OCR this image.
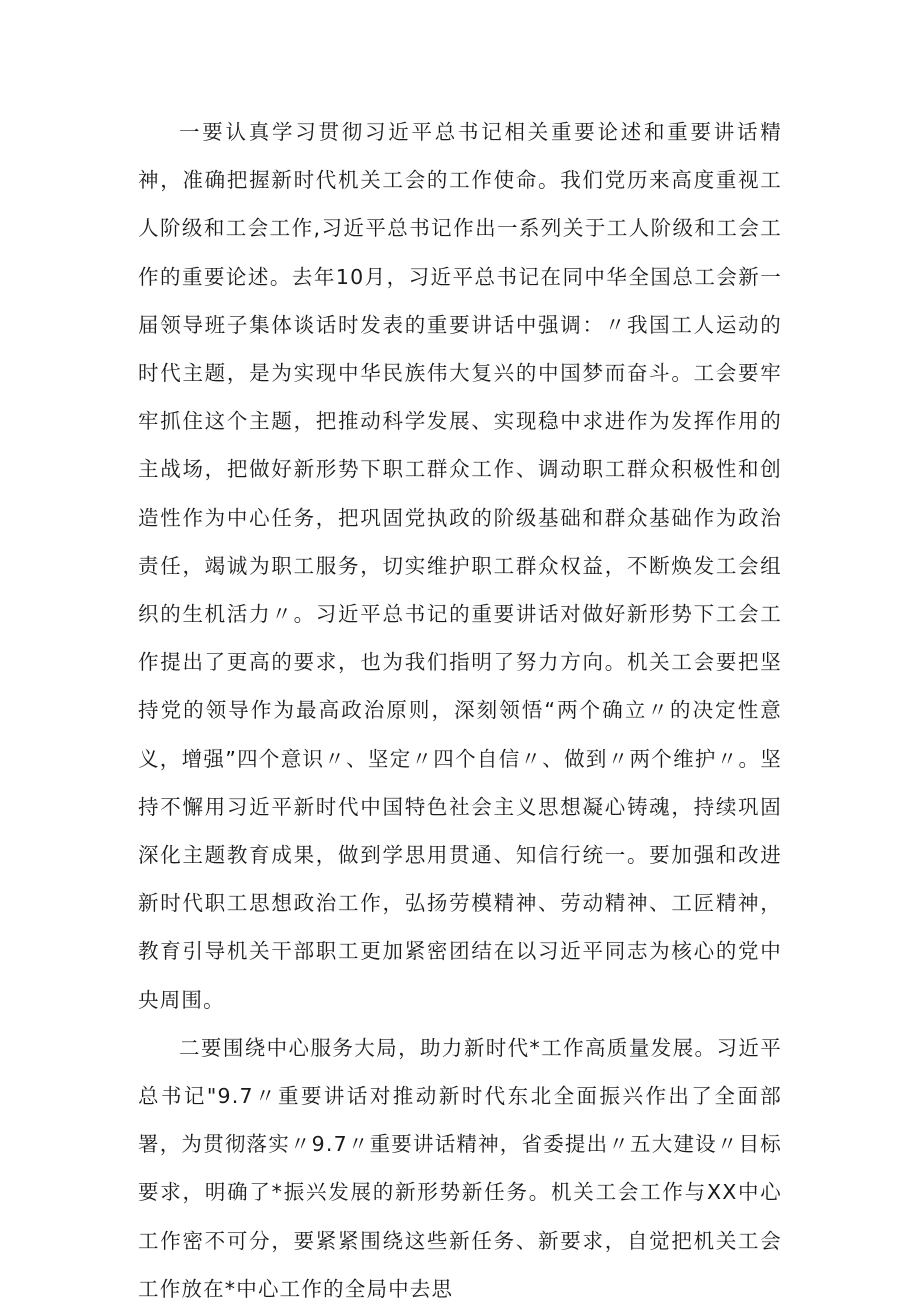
一要认真学习贯彻习近平总书记相关重要论述和重要讲话精神，准确把握新时代机关工会的工作使命。我们党历来高度重视工人阶级和工会工作,习近平总书记作出一系列关于工人阶级和工会工作的重要论述。去年10月，习近平总书记在同中华全国总工会新一届领导班子集体谈话时发表的重要讲话中强调：〃我国工人运动的时代主题，是为实现中华民族伟大复兴的中国梦而奋斗。工会要牢牢抓住这个主题，把推动科学发展、实现稳中求进作为发挥作用的主战场，把做好新形势下职工群众工作、调动职工群众积极性和创造性作为中心任务，把巩固党执政的阶级基础和群众基础作为政治责任，竭诚为职工服务，切实维护职工群众权益，不断焕发工会组织的生机活力〃。习近平总书记的重要讲话对做好新形势下工会工作提出了更高的要求，也为我们指明了努力方向。机关工会要把坚持党的领导作为最高政治原则，深刻领悟“两个确立〃的决定性意义，增强”四个意识〃、坚定〃四个自信〃、做到〃两个维护〃。坚持不懈用习近平新时代中国特色社会主义思想凝心铸魂，持续巩固深化主题教育成果，做到学思用贯通、知信行统一。要加强和改进新时代职工思想政治工作，弘扬劳模精神、劳动精神、工匠精神，教育引导机关干部职工更加紧密团结在以习近平同志为核心的党中央周围。

二要围绕中心服务大局，助力新时代*工作高质量发展。习近平总书记"9.7〃重要讲话对推动新时代东北全面振兴作出了全面部署，为贯彻落实〃9.7〃重要讲话精神，省委提出〃五大建设〃目标要求，明确了*振兴发展的新形势新任务。机关工会工作与XX中心工作密不可分，要紧紧围绕这些新任务、新要求，自觉把机关工会工作放在*中心工作的全局中去思
